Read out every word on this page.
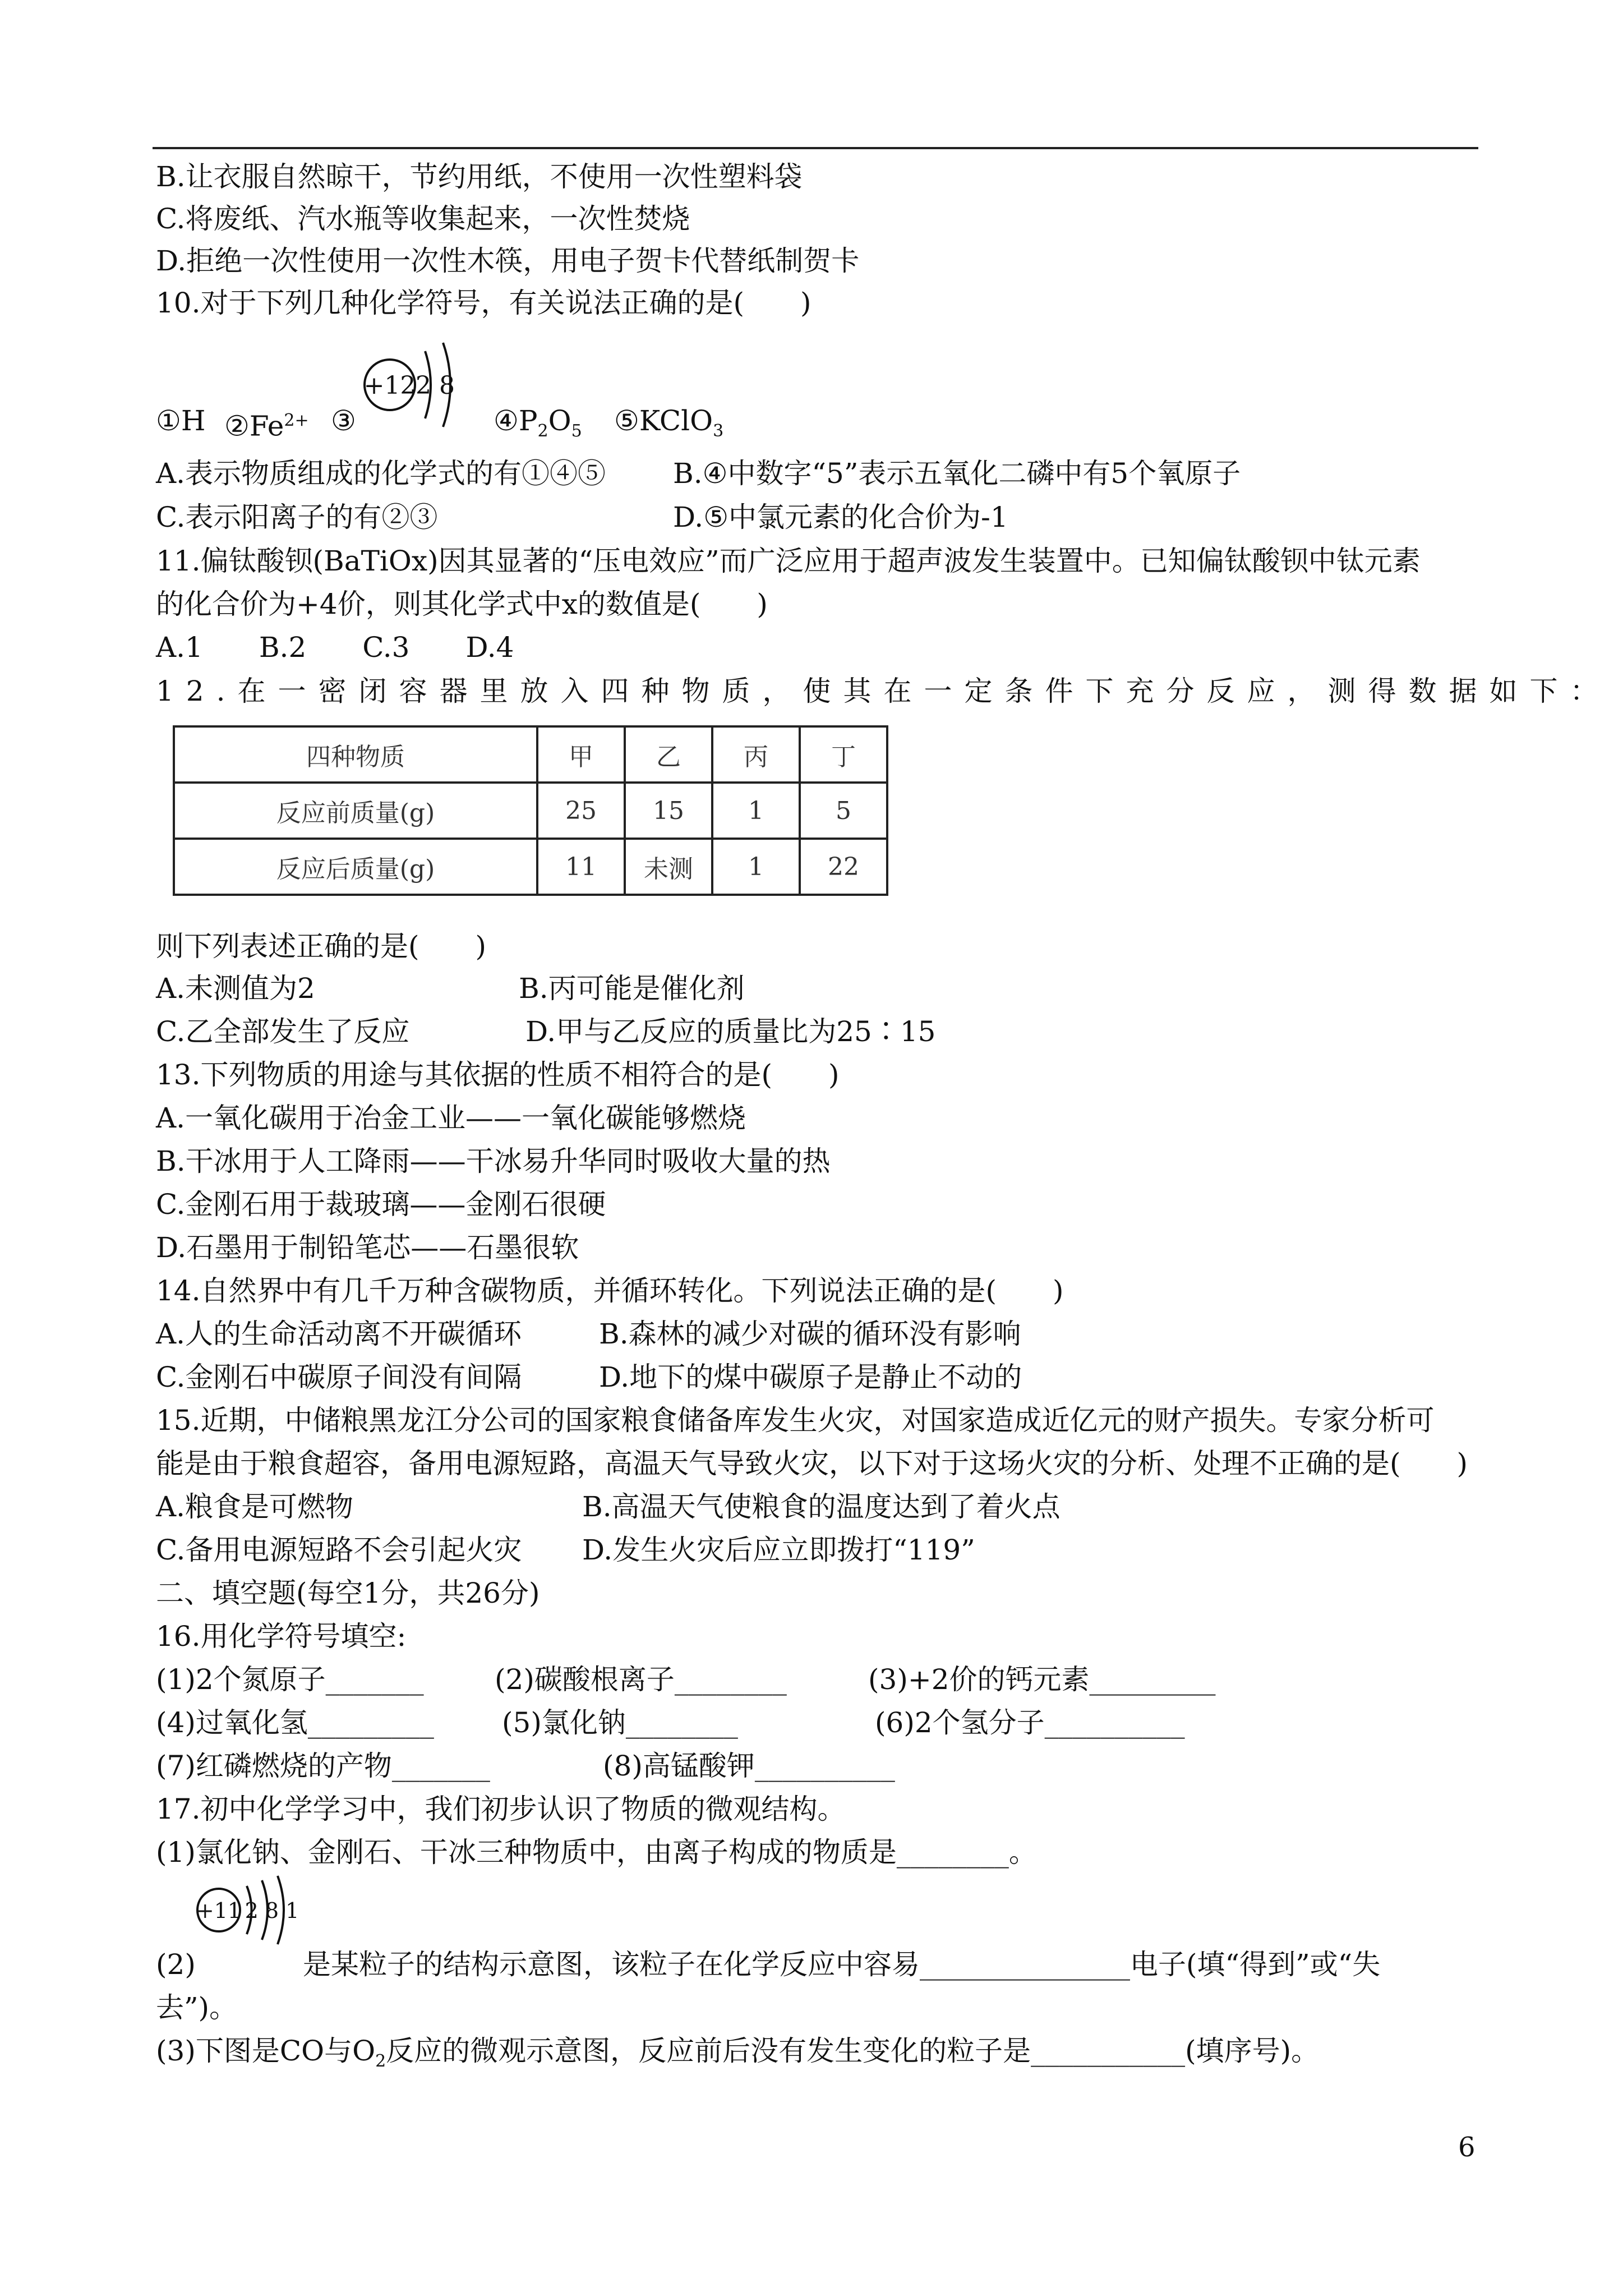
B.让衣服自然晾干，节约用纸，不使用一次性塑料袋
C.将废纸、汽水瓶等收集起来，一次性焚烧
D.拒绝一次性使用一次性木筷，用电子贺卡代替纸制贺卡
10.对于下列几种化学符号，有关说法正确的是(　　)
+12 2 8
①H $②Fe^{2+}$ ③	$④P_2O_5$ ⑤KClO$_3$
A.表示物质组成的化学式的有①④⑤ B.④中数字“5”表示五氧化二磷中有5个氧原子
C.表示阳离子的有②③	D.⑤中氯元素的化合价为-1
11.偏钛酸钡(BaTiOx)因其显著的“压电效应”而广泛应用于超声波发生装置中。已知偏钛酸钡中钛元素
的化合价为+4价，则其化学式中x的数值是(　　)
A.1　　B.2　　C.3　　D.4
12.在一密闭容器里放入四种物质，使其在一定条件下充分反应，测得数据如下：
四种物质	甲	乙	丙	丁
反应前质量(g)	25	15	1	5
反应后质量(g)	11	未测	1	22
则下列表述正确的是(　　)
A.未测值为2	B.丙可能是催化剂
C.乙全部发生了反应	D.甲与乙反应的质量比为25∶15
13.下列物质的用途与其依据的性质不相符合的是(　　)
A.一氧化碳用于冶金工业——一氧化碳能够燃烧
B.干冰用于人工降雨——干冰易升华同时吸收大量的热
C.金刚石用于裁玻璃——金刚石很硬
D.石墨用于制铅笔芯——石墨很软
14.自然界中有几千万种含碳物质，并循环转化。下列说法正确的是(　　)
A.人的生命活动离不开碳循环	B.森林的减少对碳的循环没有影响
C.金刚石中碳原子间没有间隔	D.地下的煤中碳原子是静止不动的
15.近期，中储粮黑龙江分公司的国家粮食储备库发生火灾，对国家造成近亿元的财产损失。专家分析可
能是由于粮食超容，备用电源短路，高温天气导致火灾，以下对于这场火灾的分析、处理不正确的是(　　)
A.粮食是可燃物	B.高温天气使粮食的温度达到了着火点
C.备用电源短路不会引起火灾 D.发生火灾后应立即拨打“119”
二、填空题(每空1分，共26分)
16.用化学符号填空:
(1)2个氮原子_______	(2)碳酸根离子________	(3)+2价的钙元素_________
(4)过氧化氢_________ (5)氯化钠________	(6)2个氢分子__________
(7)红磷燃烧的产物_______	(8)高锰酸钾__________
17.初中化学学习中，我们初步认识了物质的微观结构。
(1)氯化钠、金刚石、干冰三种物质中，由离子构成的物质是________。
+11 2 8 1
(2)	是某粒子的结构示意图，该粒子在化学反应中容易_______________电子(填“得到”或“失
去”)。
(3)下图是CO与$O_2$反应的微观示意图，反应前后没有发生变化的粒子是___________(填序号)。
6
